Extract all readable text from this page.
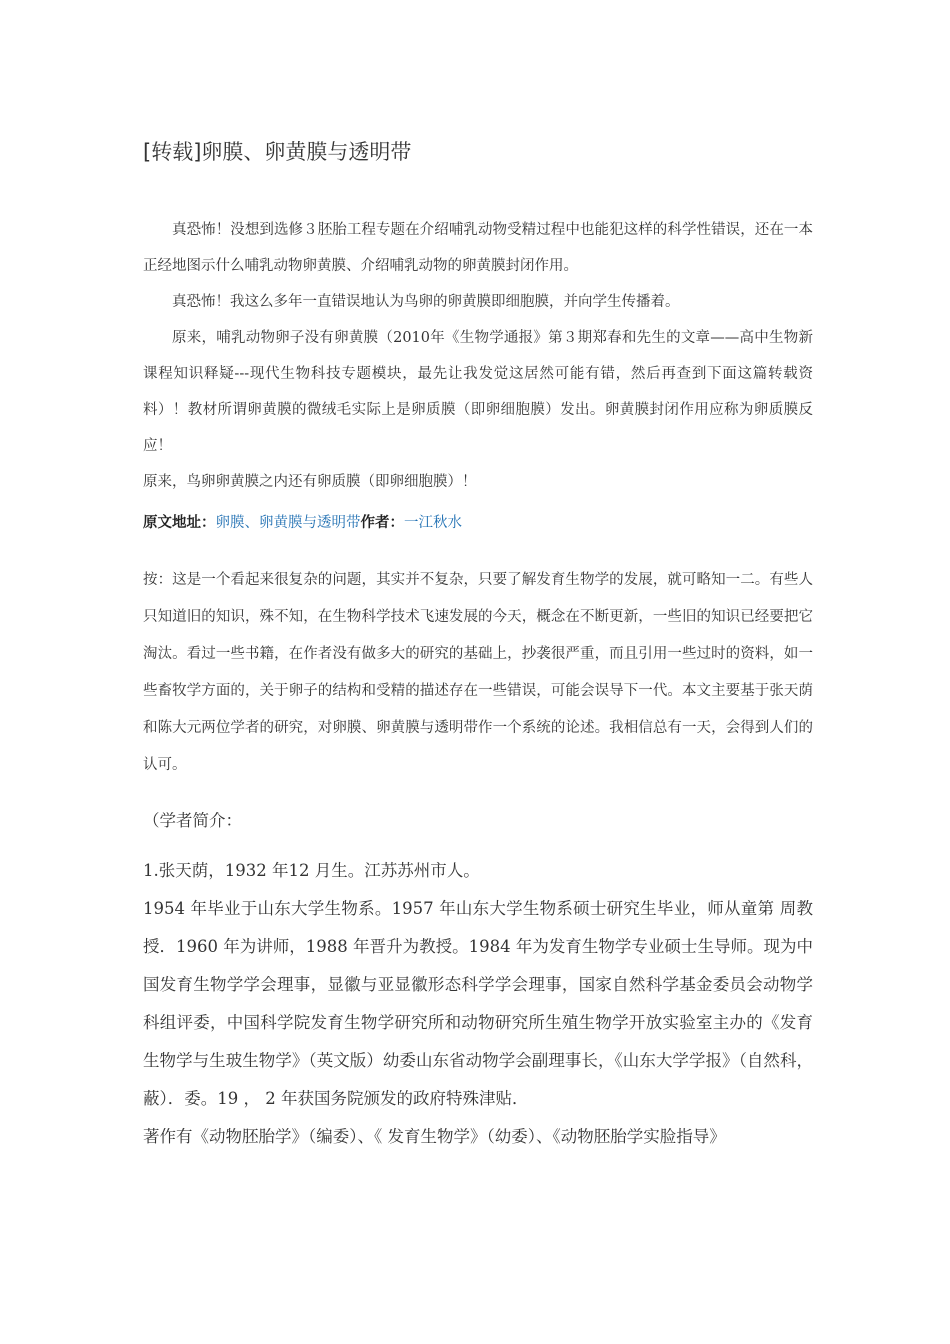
[转载]卵膜、卵黄膜与透明带

真恐怖！没想到选修３胚胎工程专题在介绍哺乳动物受精过程中也能犯这样的科学性错误，还在一本正经地图示什么哺乳动物卵黄膜、介绍哺乳动物的卵黄膜封闭作用。

真恐怖！我这么多年一直错误地认为鸟卵的卵黄膜即细胞膜，并向学生传播着。

原来，哺乳动物卵子没有卵黄膜（2010年《生物学通报》第３期郑春和先生的文章——高中生物新课程知识释疑---现代生物科技专题模块，最先让我发觉这居然可能有错，然后再查到下面这篇转载资料）！教材所谓卵黄膜的微绒毛实际上是卵质膜（即卵细胞膜）发出。卵黄膜封闭作用应称为卵质膜反应！

原来，鸟卵卵黄膜之内还有卵质膜（即卵细胞膜）！

原文地址：卵膜、卵黄膜与透明带作者：一江秋水

按：这是一个看起来很复杂的问题，其实并不复杂，只要了解发育生物学的发展，就可略知一二。有些人只知道旧的知识，殊不知，在生物科学技术飞速发展的今天，概念在不断更新，一些旧的知识已经要把它淘汰。看过一些书籍，在作者没有做多大的研究的基础上，抄袭很严重，而且引用一些过时的资料，如一些畜牧学方面的，关于卵子的结构和受精的描述存在一些错误，可能会误导下一代。本文主要基于张天荫和陈大元两位学者的研究，对卵膜、卵黄膜与透明带作一个系统的论述。我相信总有一天，会得到人们的认可。

（学者简介：

1.张天荫，1932 年12 月生。江苏苏州市人。

1954 年毕业于山东大学生物系。1957 年山东大学生物系硕士研究生毕业，师从童第 周教授．1960 年为讲师，1988 年晋升为教授。1984 年为发育生物学专业硕士生导师。现为中国发育生物学学会理事，显徽与亚显徽形态科学学会理事，国家自然科学基金委员会动物学科组评委，中国科学院发育生物学研究所和动物研究所生殖生物学开放实验室主办的《发育生物学与生玻生物学》（英文版）幼委山东省动物学会副理事长，《山东大学学报》（自然科，蔽）．委。19 ， 2 年获国务院颁发的政府特殊津贴．

著作有《动物胚胎学》（编委）、《 发育生物学》（幼委）、《动物胚胎学实脸指导》
